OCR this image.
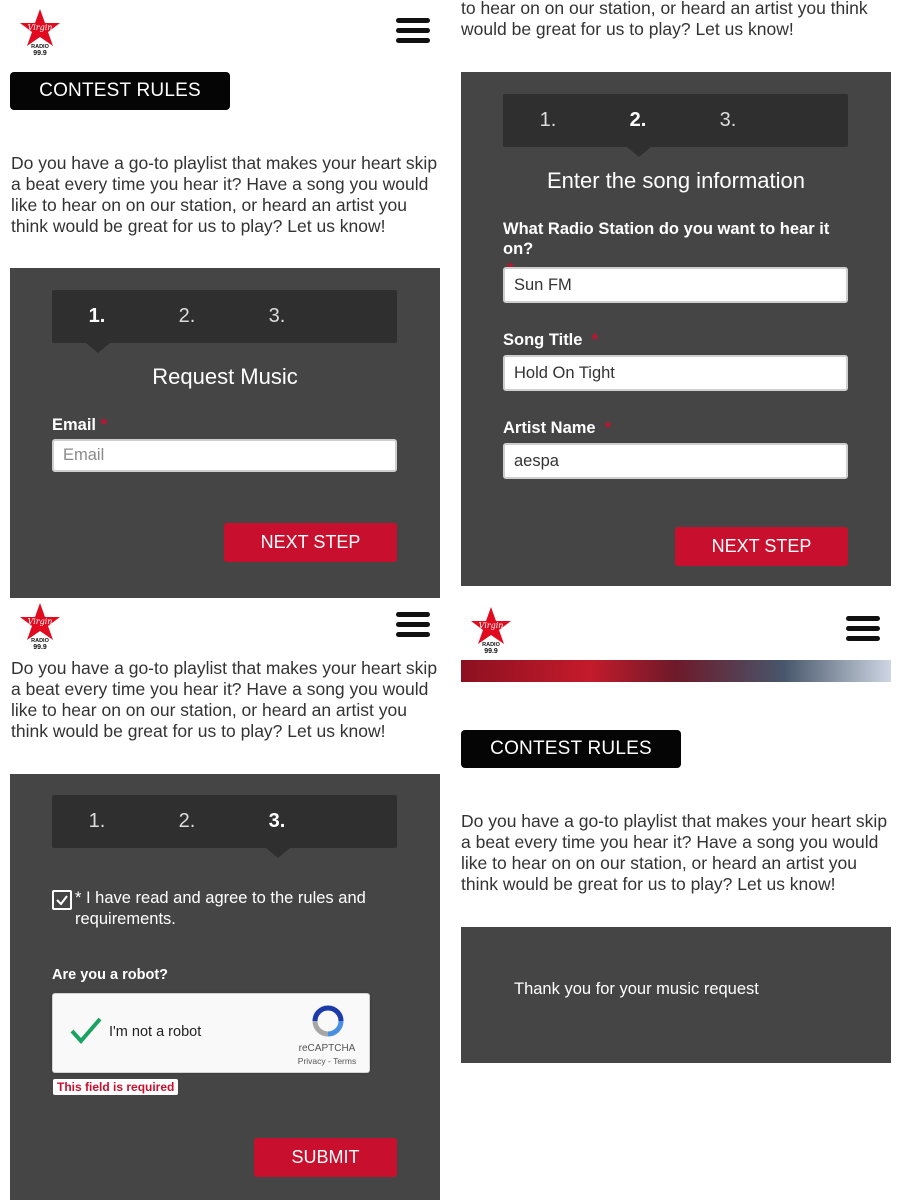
Virgin
RADIO
99.9
CONTEST RULES
Do you have a go-to playlist that makes your heart skip a beat every time you hear it? Have a song you would like to hear on on our station, or heard an artist you think would be great for us to play? Let us know!
1.	2.	3.
Request Music
Email *
Email
NEXT STEP
to hear on on our station, or heard an artist you think
would be great for us to play? Let us know!
1.	2.	3.
Enter the song information
What Radio Station do you want to hear it on?

Sun FM
Song Title *
Hold On Tight
Artist Name *
aespa
NEXT STEP
Virgin
RADIO
99.9
Do you have a go-to playlist that makes your heart skip a beat every time you hear it? Have a song you would like to hear on on our station, or heard an artist you think would be great for us to play? Let us know!
1.	2.	3.
* I have read and agree to the rules and requirements.
Are you a robot?
I'm not a robot
reCAPTCHA
Privacy - Terms
This field is required
SUBMIT
Virgin
RADIO
99.9
CONTEST RULES
Do you have a go-to playlist that makes your heart skip a beat every time you hear it? Have a song you would like to hear on on our station, or heard an artist you think would be great for us to play? Let us know!
Thank you for your music request
